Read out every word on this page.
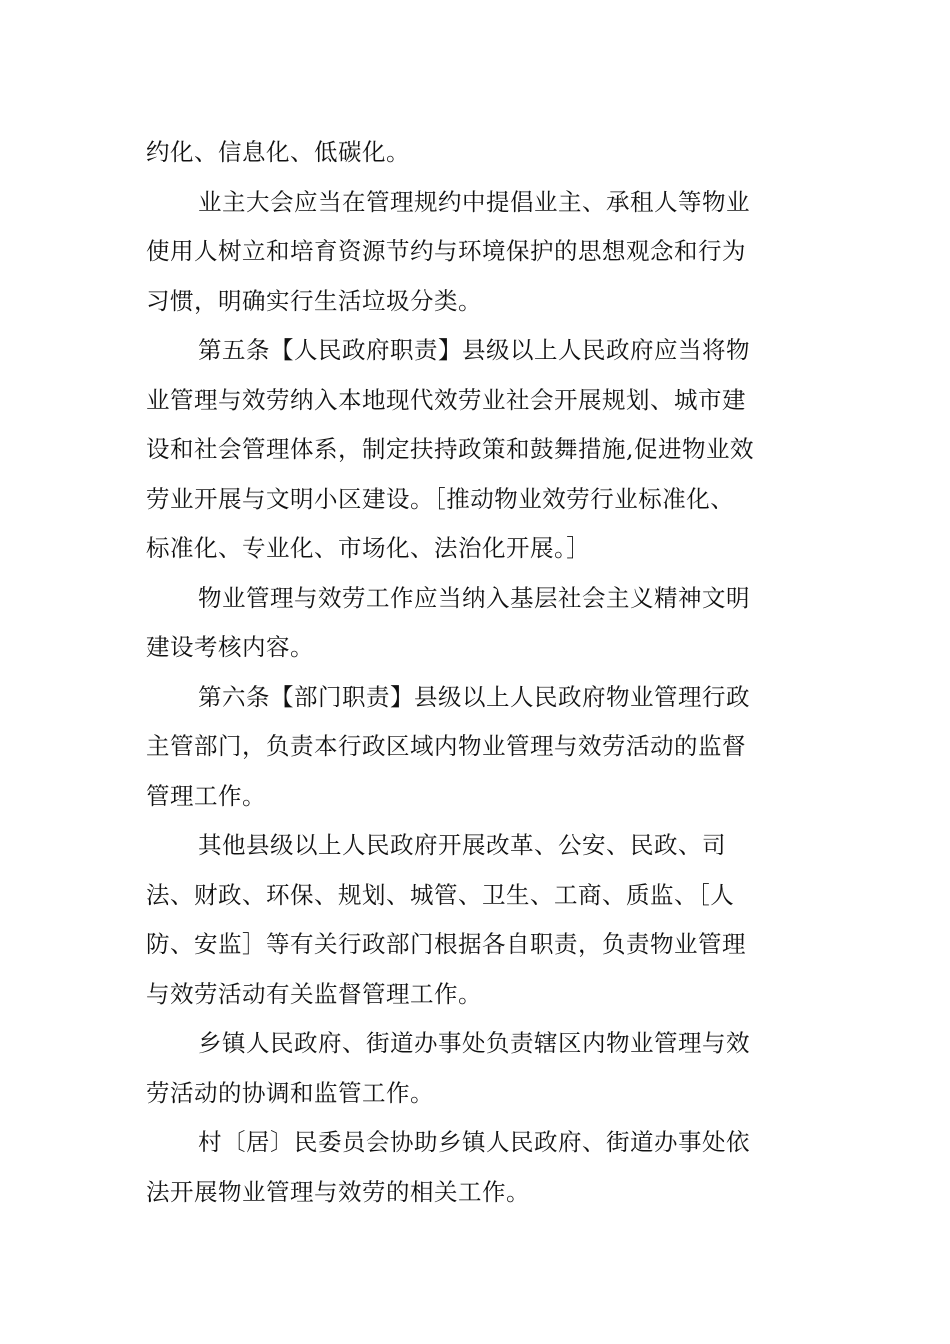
约化、信息化、低碳化。
业主大会应当在管理规约中提倡业主、承租人等物业
使用人树立和培育资源节约与环境保护的思想观念和行为
习惯，明确实行生活垃圾分类。
第五条【人民政府职责】县级以上人民政府应当将物
业管理与效劳纳入本地现代效劳业社会开展规划、城市建
设和社会管理体系，制定扶持政策和鼓舞措施,促进物业效
劳业开展与文明小区建设。［推动物业效劳行业标准化、
标准化、专业化、市场化、法治化开展。］
物业管理与效劳工作应当纳入基层社会主义精神文明
建设考核内容。
第六条【部门职责】县级以上人民政府物业管理行政
主管部门，负责本行政区域内物业管理与效劳活动的监督
管理工作。
其他县级以上人民政府开展改革、公安、民政、司
法、财政、环保、规划、城管、卫生、工商、质监、［人
防、安监］等有关行政部门根据各自职责，负责物业管理
与效劳活动有关监督管理工作。
乡镇人民政府、街道办事处负责辖区内物业管理与效
劳活动的协调和监管工作。
村〔居〕民委员会协助乡镇人民政府、街道办事处依
法开展物业管理与效劳的相关工作。
